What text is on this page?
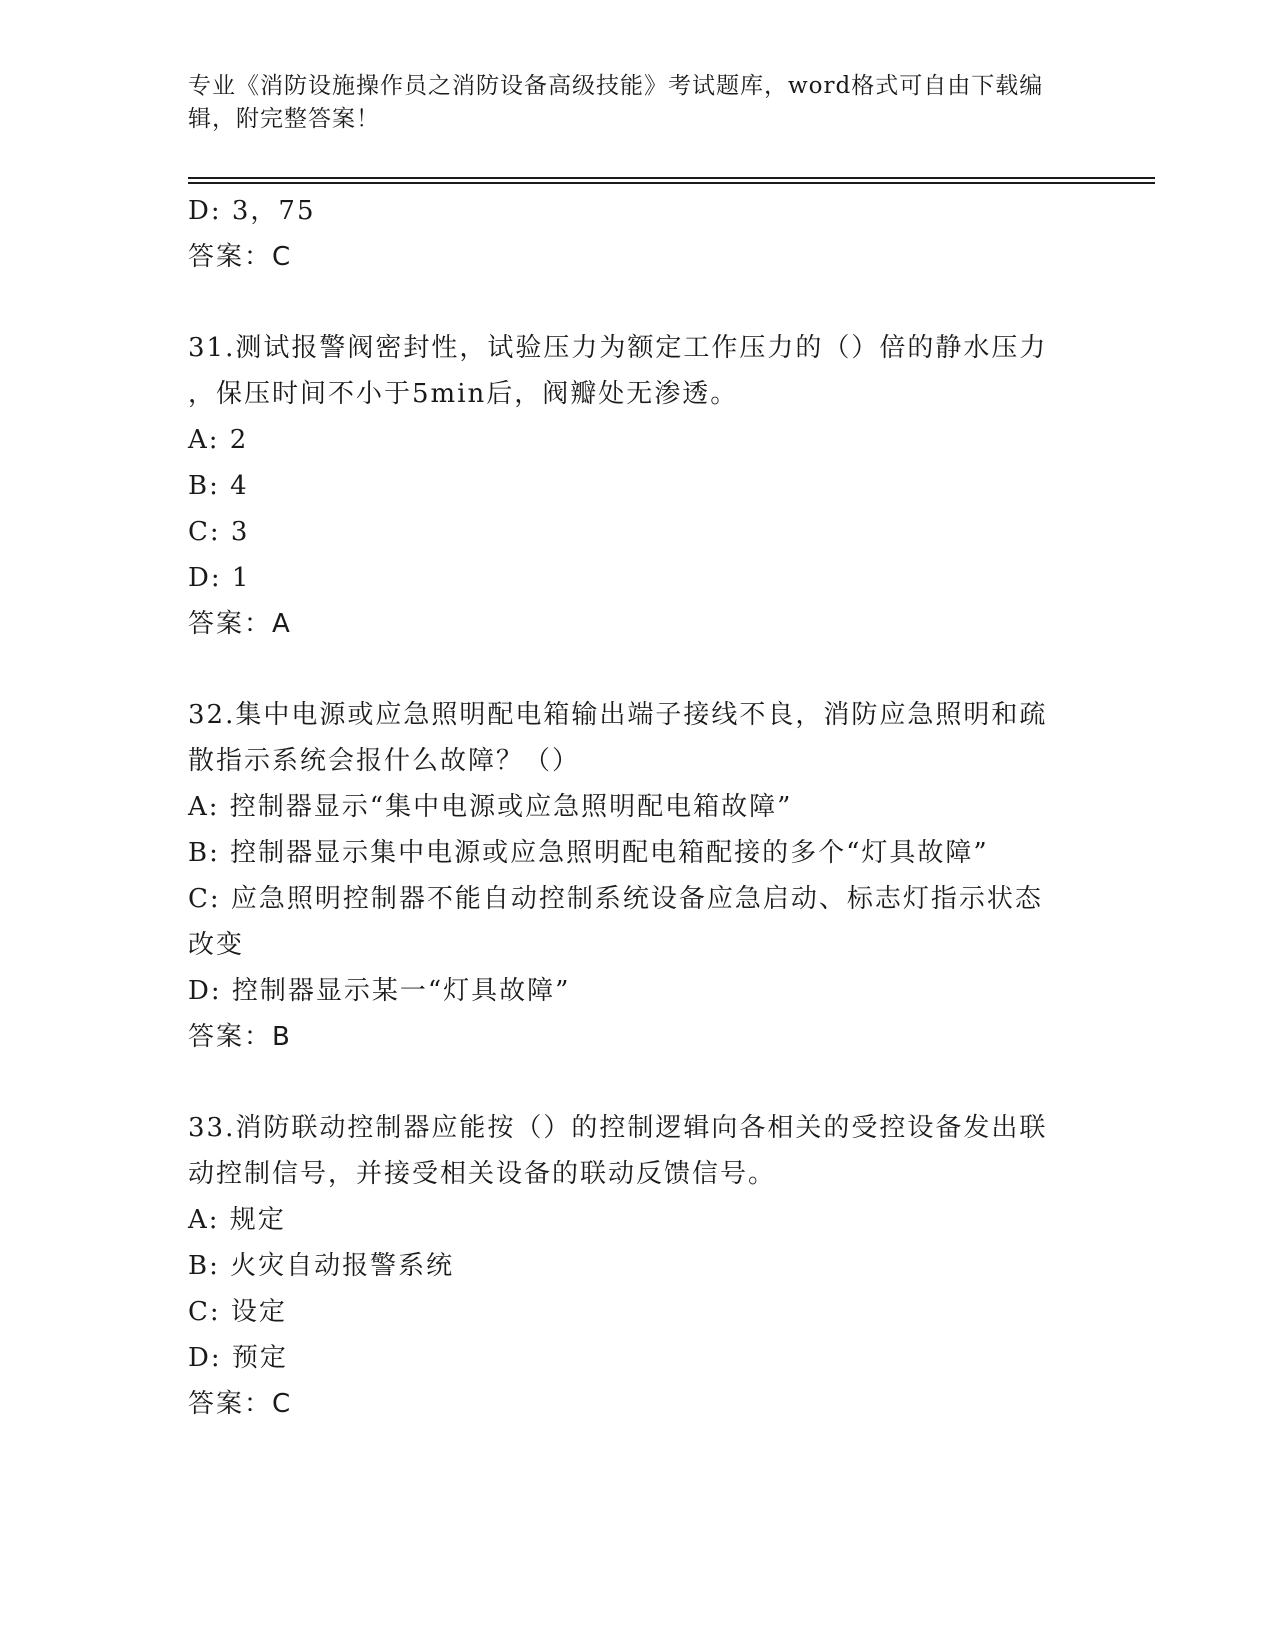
专业《消防设施操作员之消防设备高级技能》考试题库，word格式可自由下载编
辑，附完整答案！
D: 3，75
答案：C
31.测试报警阀密封性，试验压力为额定工作压力的（）倍的静水压力
，保压时间不小于5min后，阀瓣处无渗透。
A: 2
B: 4
C: 3
D: 1
答案：A
32.集中电源或应急照明配电箱输出端子接线不良，消防应急照明和疏
散指示系统会报什么故障？（）
A: 控制器显示“集中电源或应急照明配电箱故障”
B: 控制器显示集中电源或应急照明配电箱配接的多个“灯具故障”
C: 应急照明控制器不能自动控制系统设备应急启动、标志灯指示状态
改变
D: 控制器显示某一“灯具故障”
答案：B
33.消防联动控制器应能按（）的控制逻辑向各相关的受控设备发出联
动控制信号，并接受相关设备的联动反馈信号。
A: 规定
B: 火灾自动报警系统
C: 设定
D: 预定
答案：C
